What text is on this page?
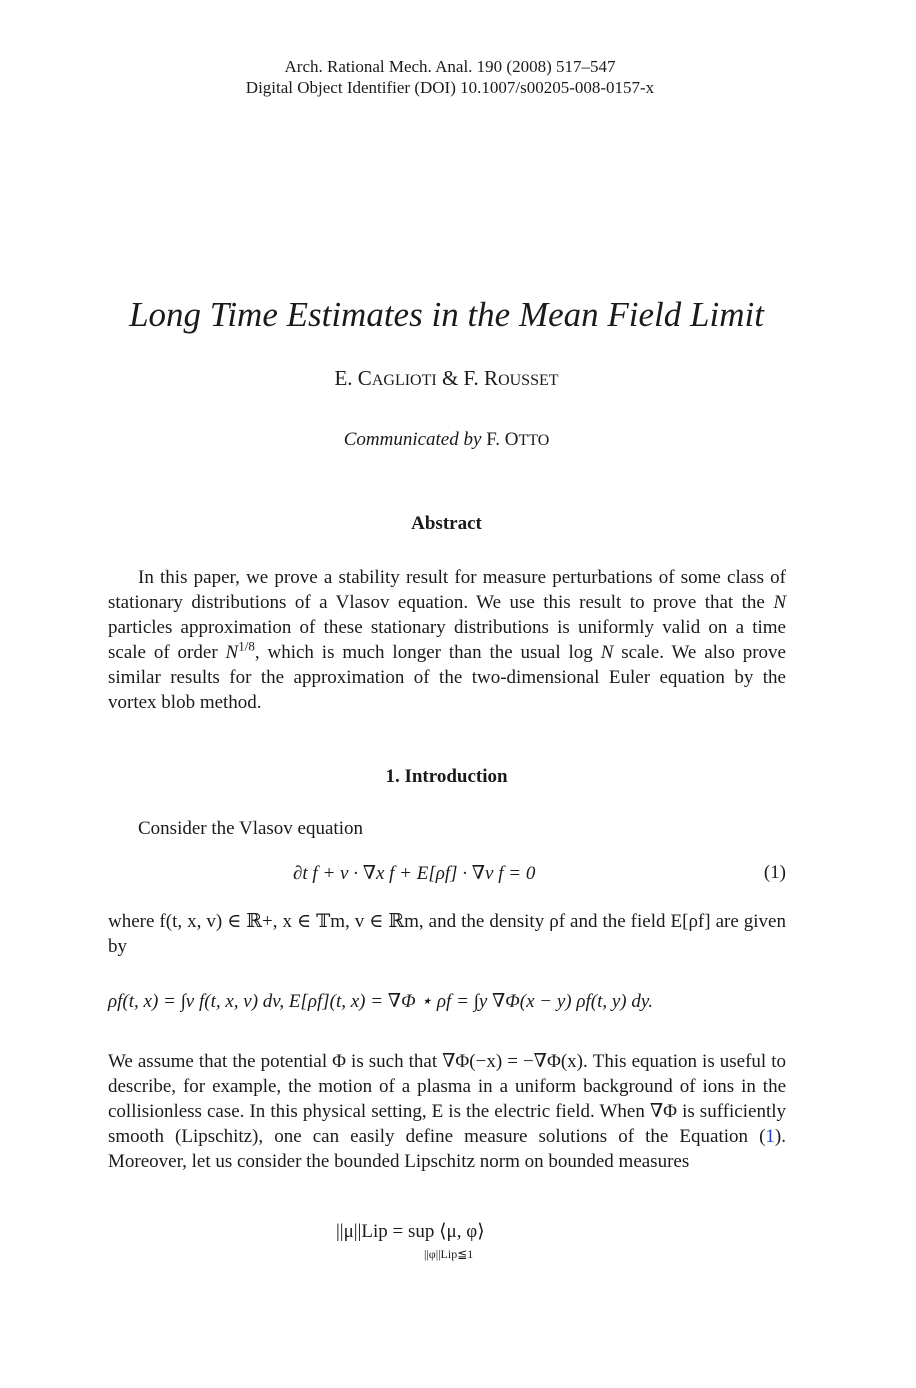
Arch. Rational Mech. Anal. 190 (2008) 517–547
Digital Object Identifier (DOI) 10.1007/s00205-008-0157-x
Long Time Estimates in the Mean Field Limit
E. CAGLIOTI & F. ROUSSET
Communicated by F. OTTO
Abstract
In this paper, we prove a stability result for measure perturbations of some class of stationary distributions of a Vlasov equation. We use this result to prove that the N particles approximation of these stationary distributions is uniformly valid on a time scale of order $N^{1/8}$, which is much longer than the usual log N scale. We also prove similar results for the approximation of the two-dimensional Euler equation by the vortex blob method.
1. Introduction
Consider the Vlasov equation
∂t f + v · ∇x f + E[ρf] · ∇v f = 0	(1)
where f(t, x, v) ∈ ℝ+, x ∈ 𝕋m, v ∈ ℝm, and the density ρf and the field E[ρf] are given by
ρf(t, x) = ∫v f(t, x, v) dv, E[ρf](t, x) = ∇Φ ⋆ ρf = ∫y ∇Φ(x − y) ρf(t, y) dy.
We assume that the potential Φ is such that ∇Φ(−x) = −∇Φ(x). This equation is useful to describe, for example, the motion of a plasma in a uniform background of ions in the collisionless case. In this physical setting, E is the electric field. When ∇Φ is sufficiently smooth (Lipschitz), one can easily define measure solutions of the Equation (1). Moreover, let us consider the bounded Lipschitz norm on bounded measures
||μ||Lip = sup ⟨μ, φ⟩
||φ||Lip≦1
